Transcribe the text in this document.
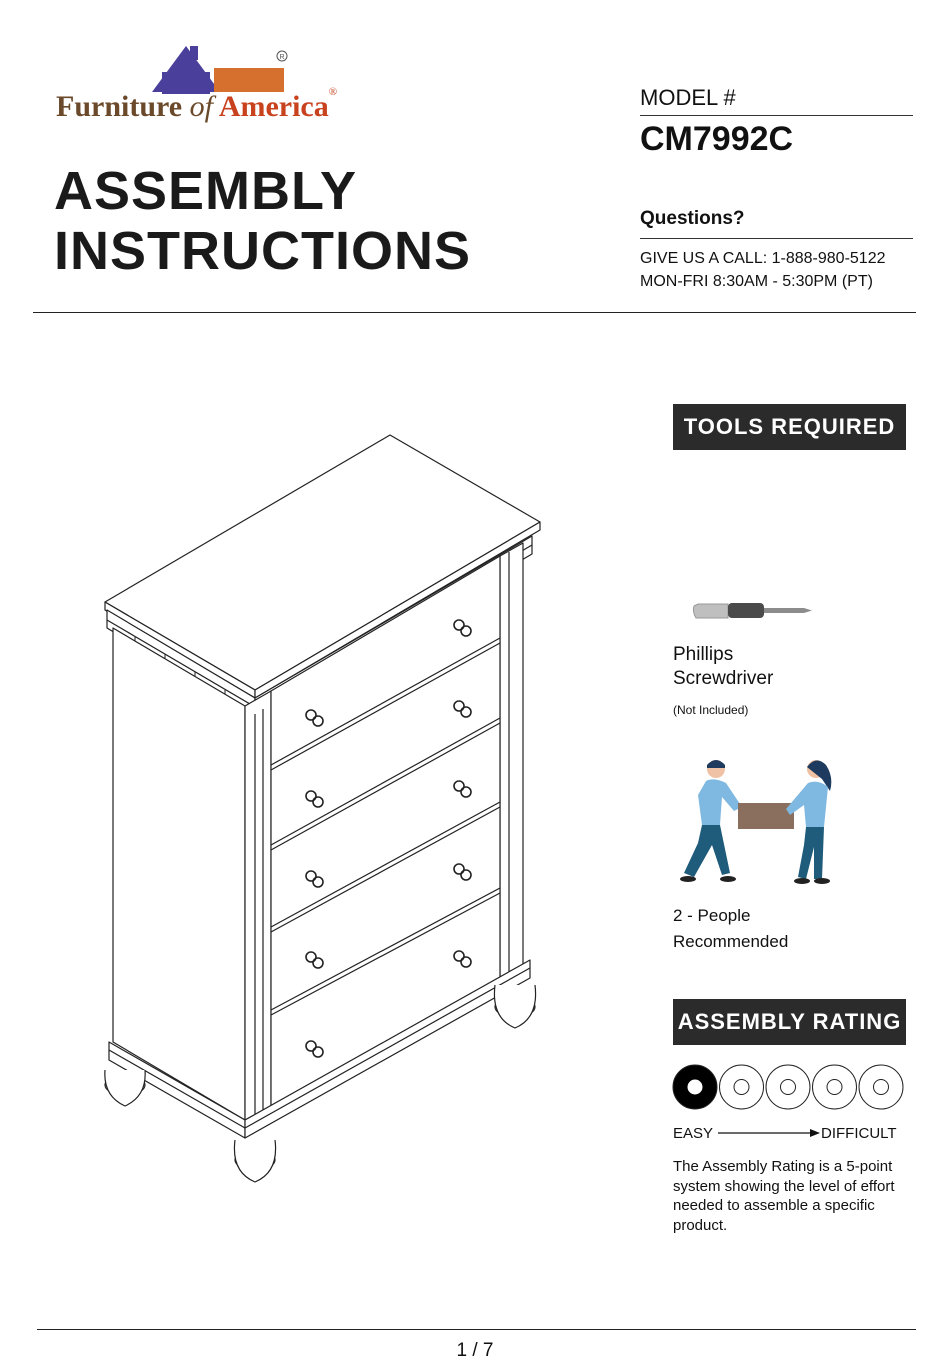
R
Furniture of America®
ASSEMBLY
INSTRUCTIONS
MODEL #
CM7992C
Questions?
GIVE US A CALL: 1-888-980-5122
MON-FRI 8:30AM - 5:30PM (PT)
TOOLS REQUIRED
Phillips
Screwdriver
(Not Included)
2 - People
Recommended
ASSEMBLY RATING
EASY	DIFFICULT
The Assembly Rating is a 5-point system showing the level of effort needed to assemble a specific product.
1 / 7
